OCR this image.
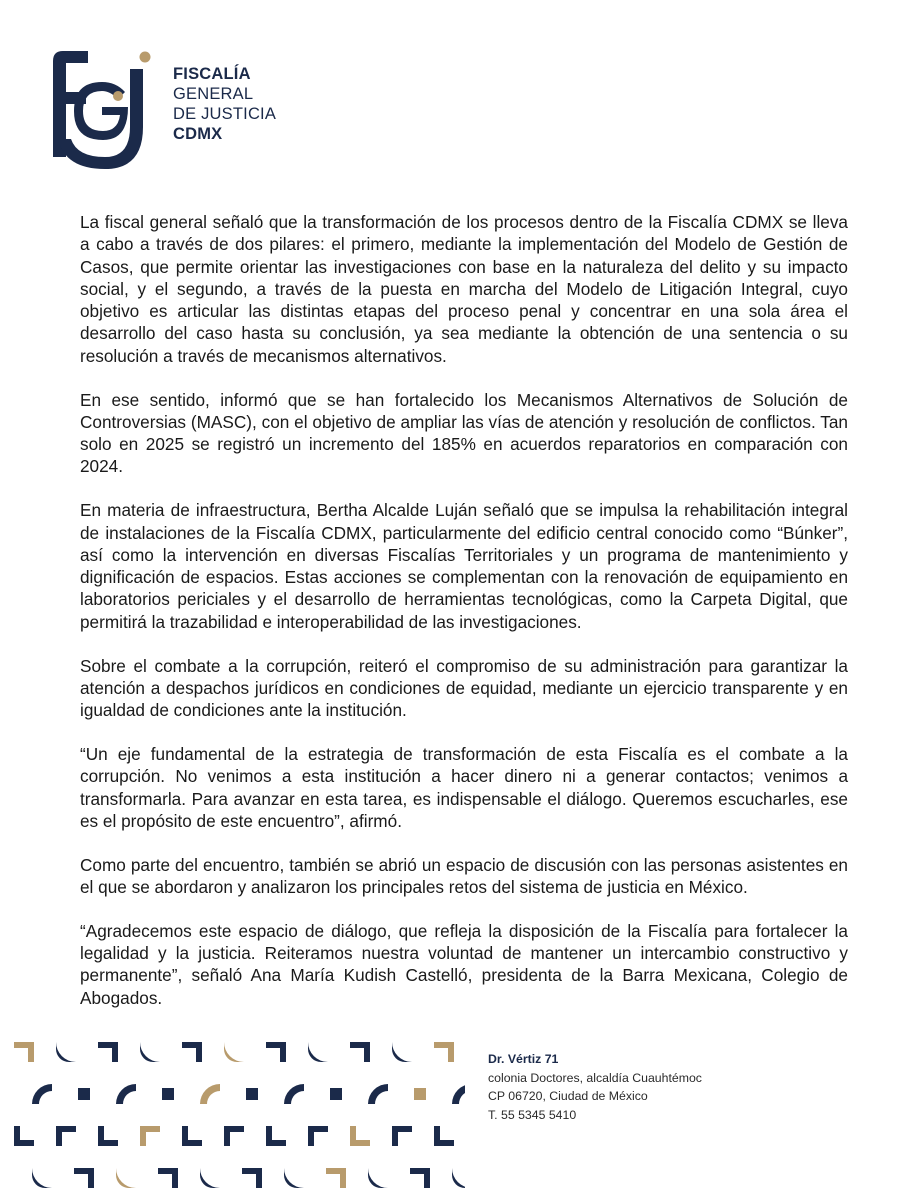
FISCALÍA
GENERAL
DE JUSTICIA
CDMX

La fiscal general señaló que la transformación de los procesos dentro de la Fiscalía CDMX se lleva a cabo a través de dos pilares: el primero, mediante la implementación del Modelo de Gestión de Casos, que permite orientar las investigaciones con base en la naturaleza del delito y su impacto social, y el segundo, a través de la puesta en marcha del Modelo de Litigación Integral, cuyo objetivo es articular las distintas etapas del proceso penal y concentrar en una sola área el desarrollo del caso hasta su conclusión, ya sea mediante la obtención de una sentencia o su resolución a través de mecanismos alternativos.

En ese sentido, informó que se han fortalecido los Mecanismos Alternativos de Solución de Controversias (MASC), con el objetivo de ampliar las vías de atención y resolución de conflictos. Tan solo en 2025 se registró un incremento del 185% en acuerdos reparatorios en comparación con 2024.

En materia de infraestructura, Bertha Alcalde Luján señaló que se impulsa la rehabilitación integral de instalaciones de la Fiscalía CDMX, particularmente del edificio central conocido como “Búnker”, así como la intervención en diversas Fiscalías Territoriales y un programa de mantenimiento y dignificación de espacios. Estas acciones se complementan con la renovación de equipamiento en laboratorios periciales y el desarrollo de herramientas tecnológicas, como la Carpeta Digital, que permitirá la trazabilidad e interoperabilidad de las investigaciones.

Sobre el combate a la corrupción, reiteró el compromiso de su administración para garantizar la atención a despachos jurídicos en condiciones de equidad, mediante un ejercicio transparente y en igualdad de condiciones ante la institución.

“Un eje fundamental de la estrategia de transformación de esta Fiscalía es el combate a la corrupción. No venimos a esta institución a hacer dinero ni a generar contactos; venimos a transformarla. Para avanzar en esta tarea, es indispensable el diálogo. Queremos escucharles, ese es el propósito de este encuentro”, afirmó.

Como parte del encuentro, también se abrió un espacio de discusión con las personas asistentes en el que se abordaron y analizaron los principales retos del sistema de justicia en México.

“Agradecemos este espacio de diálogo, que refleja la disposición de la Fiscalía para fortalecer la legalidad y la justicia. Reiteramos nuestra voluntad de mantener un intercambio constructivo y permanente”, señaló Ana María Kudish Castelló, presidenta de la Barra Mexicana, Colegio de Abogados.

Dr. Vértiz 71
colonia Doctores, alcaldía Cuauhtémoc
CP 06720, Ciudad de México
T. 55 5345 5410
